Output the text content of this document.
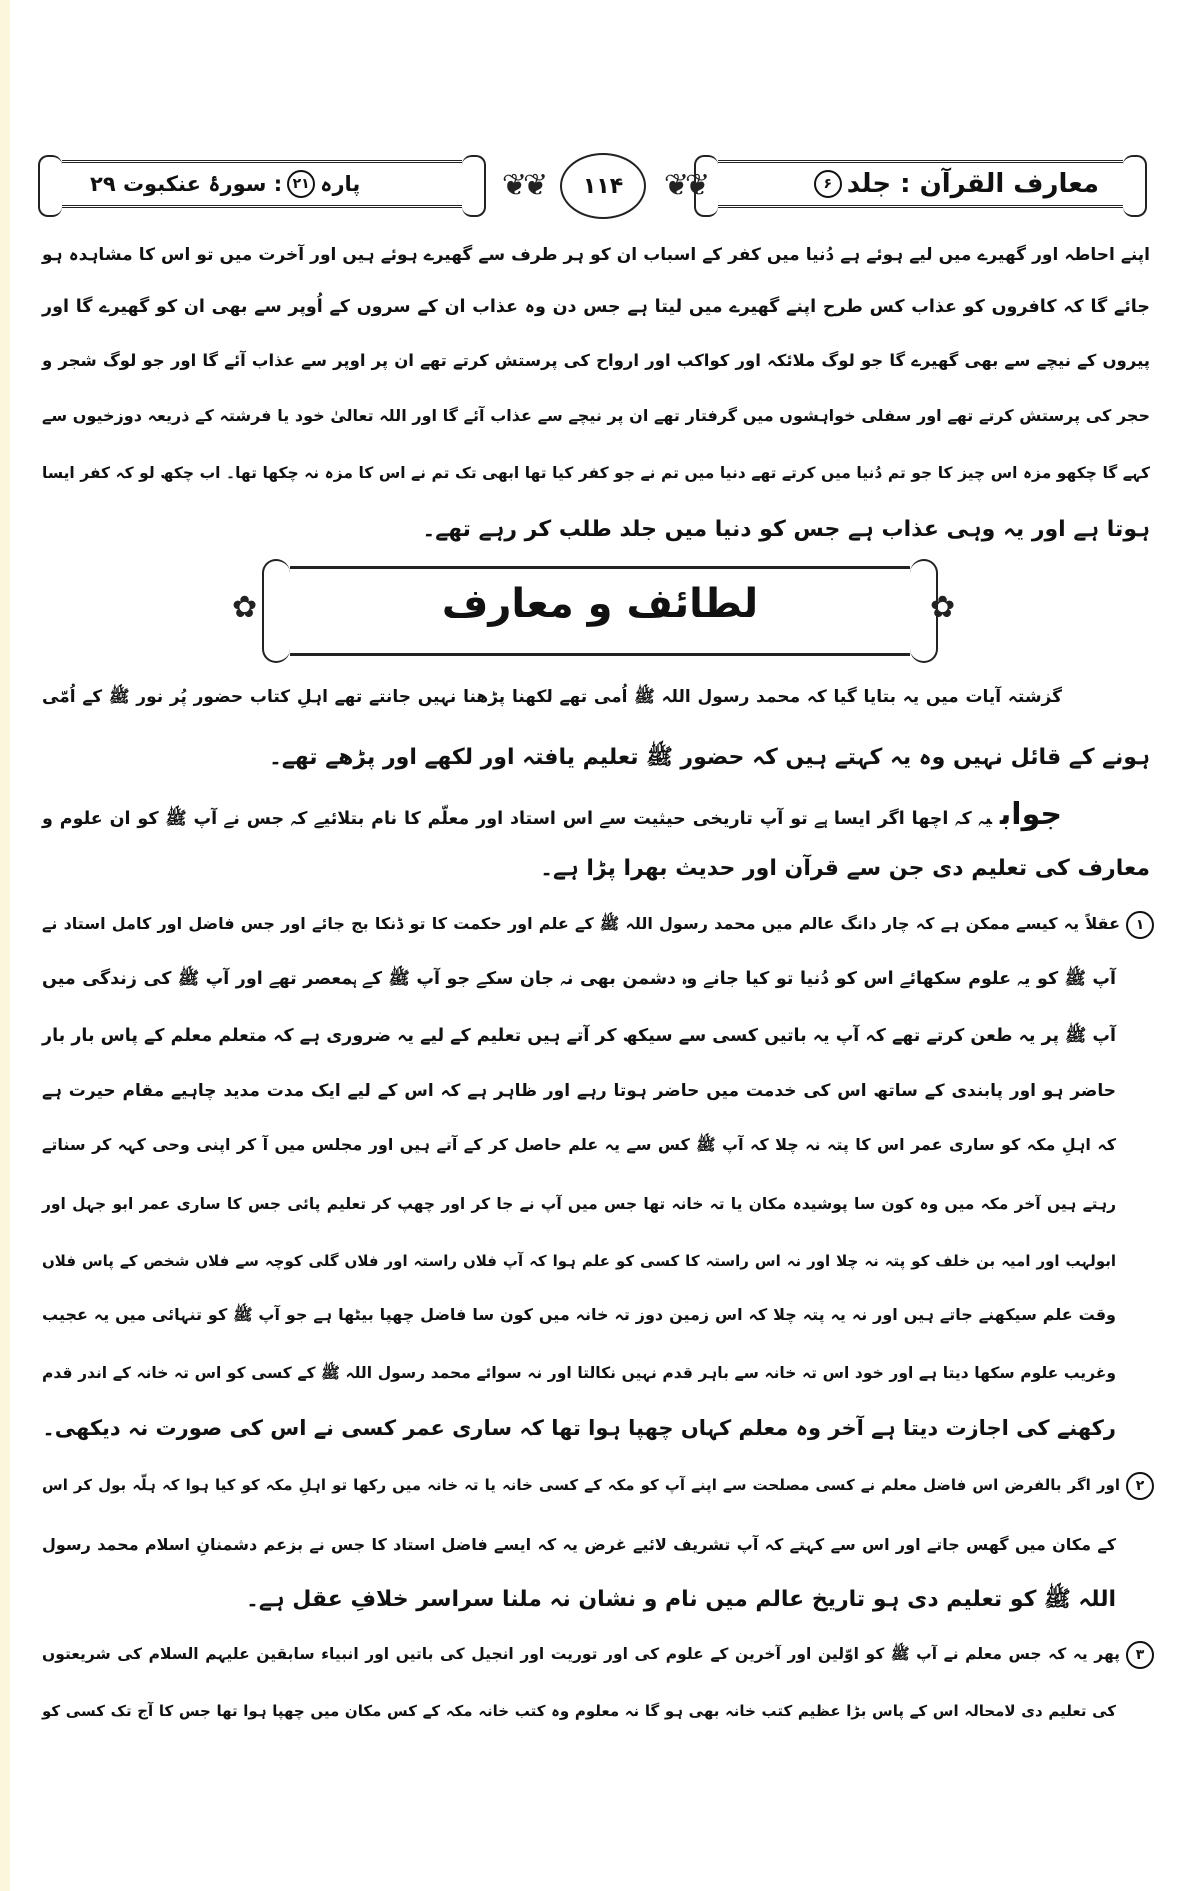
معارف القرآن : جلد
۶
❦❦
❦❦	۱۱۴
پارہ
۲۱
: سورۂ عنکبوت ۲۹
اپنے احاطہ اور گھیرے میں لیے ہوئے ہے دُنیا میں کفر کے اسباب ان کو ہر طرف سے گھیرے ہوئے ہیں اور آخرت میں تو اس کا مشاہدہ ہو
جائے گا کہ کافروں کو عذاب کس طرح اپنے گھیرے میں لیتا ہے جس دن وہ عذاب ان کے سروں کے اُوپر سے بھی ان کو گھیرے گا اور
پیروں کے نیچے سے بھی گھیرے گا جو لوگ ملائکہ اور کواکب اور ارواح کی پرستش کرتے تھے ان پر اوپر سے عذاب آئے گا اور جو لوگ شجر و
حجر کی پرستش کرتے تھے اور سفلی خواہشوں میں گرفتار تھے ان پر نیچے سے عذاب آئے گا اور اللہ تعالیٰ خود یا فرشتہ کے ذریعہ دوزخیوں سے
کہے گا چکھو مزہ اس چیز کا جو تم دُنیا میں کرتے تھے دنیا میں تم نے جو کفر کیا تھا ابھی تک تم نے اس کا مزہ نہ چکھا تھا۔ اب چکھ لو کہ کفر ایسا
ہوتا ہے اور یہ وہی عذاب ہے جس کو دنیا میں جلد طلب کر رہے تھے۔
✿	✿
لطائف و معارف
گزشتہ آیات میں یہ بتایا گیا کہ محمد رسول اللہ ﷺ اُمی تھے لکھنا پڑھنا نہیں جانتے تھے اہلِ کتاب حضور پُر نور ﷺ کے اُمّی
ہونے کے قائل نہیں وہ یہ کہتے ہیں کہ حضور ﷺ تعلیم یافتہ اور لکھے اور پڑھے تھے۔
جوابیہ کہ اچھا اگر ایسا ہے تو آپ تاریخی حیثیت سے اس استاد اور معلّم کا نام بتلائیے کہ جس نے آپ ﷺ کو ان علوم و
معارف کی تعلیم دی جن سے قرآن اور حدیث بھرا پڑا ہے۔
۱عقلاً یہ کیسے ممکن ہے کہ چار دانگ عالم میں محمد رسول اللہ ﷺ کے علم اور حکمت کا تو ڈنکا بج جائے اور جس فاضل اور کامل استاد نے
آپ ﷺ کو یہ علوم سکھائے اس کو دُنیا تو کیا جانے وہ دشمن بھی نہ جان سکے جو آپ ﷺ کے ہمعصر تھے اور آپ ﷺ کی زندگی میں
آپ ﷺ پر یہ طعن کرتے تھے کہ آپ یہ باتیں کسی سے سیکھ کر آتے ہیں تعلیم کے لیے یہ ضروری ہے کہ متعلم معلم کے پاس بار بار
حاضر ہو اور پابندی کے ساتھ اس کی خدمت میں حاضر ہوتا رہے اور ظاہر ہے کہ اس کے لیے ایک مدت مدید چاہیے مقام حیرت ہے
کہ اہلِ مکہ کو ساری عمر اس کا پتہ نہ چلا کہ آپ ﷺ کس سے یہ علم حاصل کر کے آتے ہیں اور مجلس میں آ کر اپنی وحی کہہ کر سناتے
رہتے ہیں آخر مکہ میں وہ کون سا پوشیدہ مکان یا تہ خانہ تھا جس میں آپ نے جا کر اور چھپ کر تعلیم پائی جس کا ساری عمر ابو جہل اور
ابولہب اور امیہ بن خلف کو پتہ نہ چلا اور نہ اس راستہ کا کسی کو علم ہوا کہ آپ فلاں راستہ اور فلاں گلی کوچہ سے فلاں شخص کے پاس فلاں
وقت علم سیکھنے جاتے ہیں اور نہ یہ پتہ چلا کہ اس زمین دوز تہ خانہ میں کون سا فاضل چھپا بیٹھا ہے جو آپ ﷺ کو تنہائی میں یہ عجیب
وغریب علوم سکھا دیتا ہے اور خود اس تہ خانہ سے باہر قدم نہیں نکالتا اور نہ سوائے محمد رسول اللہ ﷺ کے کسی کو اس تہ خانہ کے اندر قدم
رکھنے کی اجازت دیتا ہے آخر وہ معلم کہاں چھپا ہوا تھا کہ ساری عمر کسی نے اس کی صورت نہ دیکھی۔
۲اور اگر بالفرض اس فاضل معلم نے کسی مصلحت سے اپنے آپ کو مکہ کے کسی خانہ یا تہ خانہ میں رکھا تو اہلِ مکہ کو کیا ہوا کہ ہلّہ بول کر اس
کے مکان میں گھس جاتے اور اس سے کہتے کہ آپ تشریف لائیے غرض یہ کہ ایسے فاضل استاد کا جس نے بزعم دشمنانِ اسلام محمد رسول
اللہ ﷺ کو تعلیم دی ہو تاریخ عالم میں نام و نشان نہ ملنا سراسر خلافِ عقل ہے۔
۳پھر یہ کہ جس معلم نے آپ ﷺ کو اوّلین اور آخرین کے علوم کی اور توریت اور انجیل کی باتیں اور انبیاء سابقین علیہم السلام کی شریعتوں
کی تعلیم دی لامحالہ اس کے پاس بڑا عظیم کتب خانہ بھی ہو گا نہ معلوم وہ کتب خانہ مکہ کے کس مکان میں چھپا ہوا تھا جس کا آج تک کسی کو
